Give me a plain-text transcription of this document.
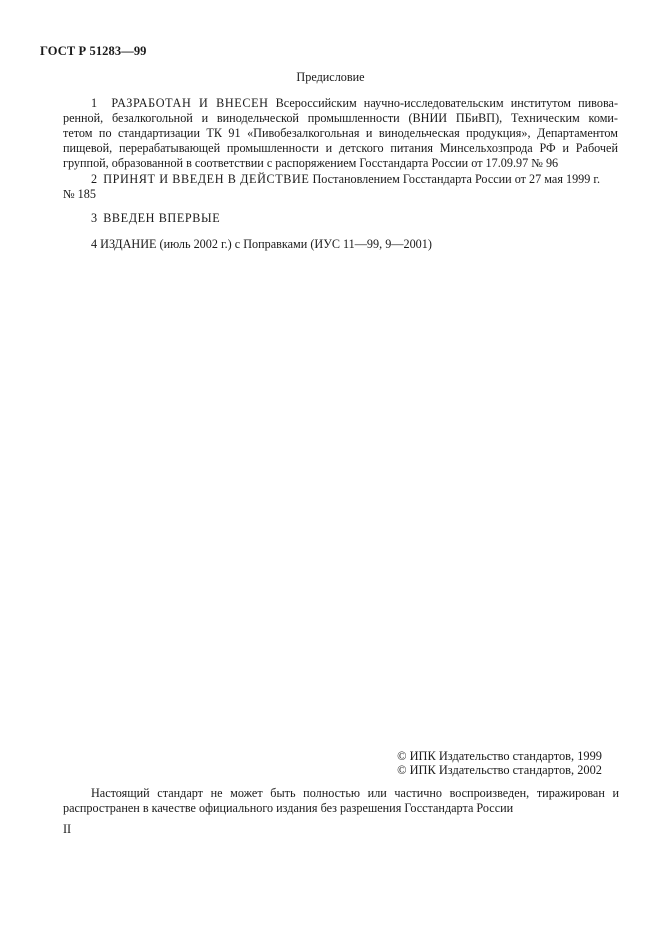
ГОСТ Р 51283—99
Предисловие
1 РАЗРАБОТАН И ВНЕСЕН Всероссийским научно-исследовательским институтом пивова-
ренной, безалкогольной и винодельческой промышленности (ВНИИ ПБиВП), Техническим коми-
тетом по стандартизации ТК 91 «Пивобезалкогольная и винодельческая продукция», Департаментом
пищевой, перерабатывающей промышленности и детского питания Минсельхозпрода РФ и Рабочей
группой, образованной в соответствии с распоряжением Госстандарта России от 17.09.97 № 96
2 ПРИНЯТ И ВВЕДЕН В ДЕЙСТВИЕ Постановлением Госстандарта России от 27 мая 1999 г.
№ 185
3 ВВЕДЕН ВПЕРВЫЕ
4 ИЗДАНИЕ (июль 2002 г.) с Поправками (ИУС 11—99, 9—2001)
© ИПК Издательство стандартов, 1999
© ИПК Издательство стандартов, 2002
Настоящий стандарт не может быть полностью или частично воспроизведен, тиражирован и
распространен в качестве официального издания без разрешения Госстандарта России
II
